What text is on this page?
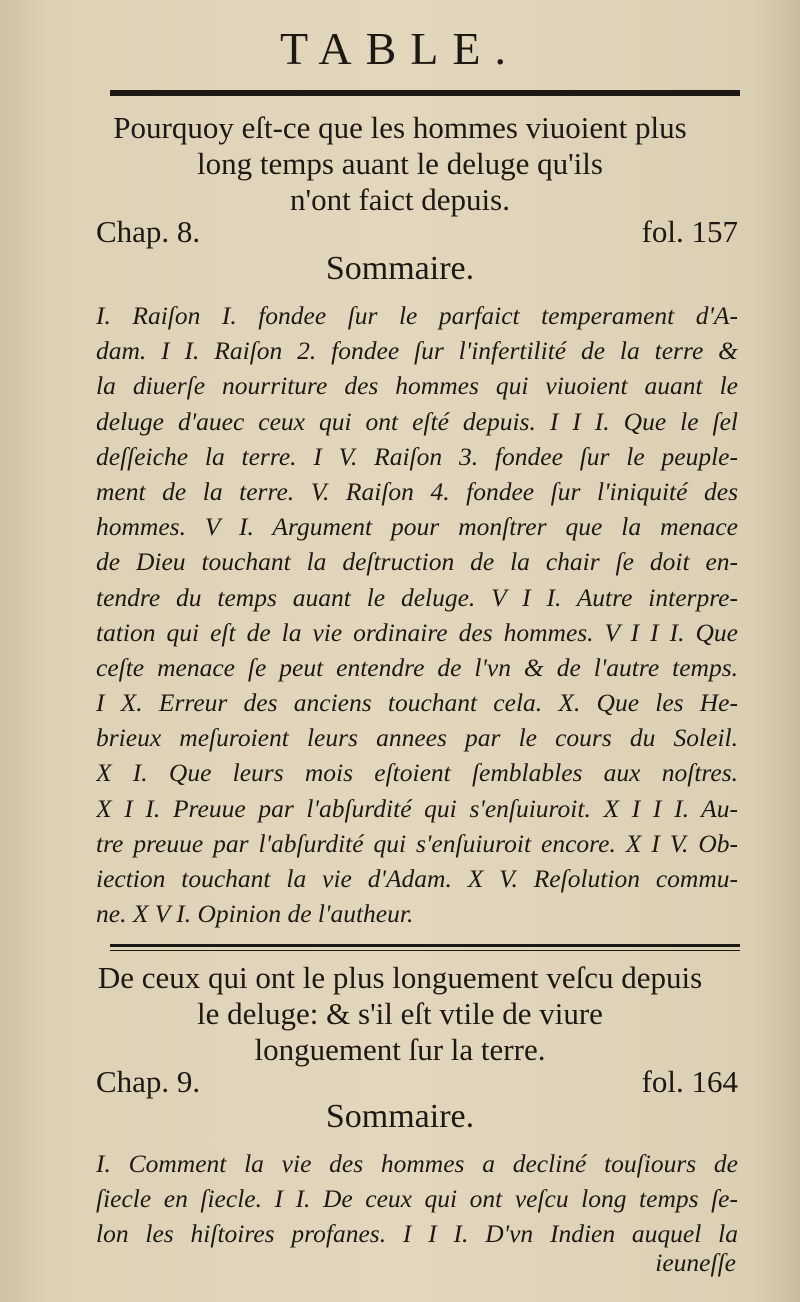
TABLE.
Pourquoy eſt-ce que les hommes viuoient plus
long temps auant le deluge qu'ils
n'ont faict depuis.
Chap. 8.	fol. 157
Sommaire.
I. Raiſon I. fondee ſur le parfaict temperament d'A-
dam. I I. Raiſon 2. fondee ſur l'infertilité de la terre &
la diuerſe nourriture des hommes qui viuoient auant le
deluge d'auec ceux qui ont eſté depuis. I I I. Que le ſel
deſſeiche la terre. I V. Raiſon 3. fondee ſur le peuple-
ment de la terre. V. Raiſon 4. fondee ſur l'iniquité des
hommes. V I. Argument pour monſtrer que la menace
de Dieu touchant la deſtruction de la chair ſe doit en-
tendre du temps auant le deluge. V I I. Autre interpre-
tation qui eſt de la vie ordinaire des hommes. V I I I. Que
ceſte menace ſe peut entendre de l'vn & de l'autre temps.
I X. Erreur des anciens touchant cela. X. Que les He-
brieux meſuroient leurs annees par le cours du Soleil.
X I. Que leurs mois eſtoient ſemblables aux noſtres.
X I I. Preuue par l'abſurdité qui s'enſuiuroit. X I I I. Au-
tre preuue par l'abſurdité qui s'enſuiuroit encore. X I V. Ob-
iection touchant la vie d'Adam. X V. Reſolution commu-
ne. X V I. Opinion de l'autheur.
De ceux qui ont le plus longuement veſcu depuis
le deluge: & s'il eſt vtile de viure
longuement ſur la terre.
Chap. 9.	fol. 164
Sommaire.
I. Comment la vie des hommes a decliné touſiours de
ſiecle en ſiecle. I I. De ceux qui ont veſcu long temps ſe-
lon les hiſtoires profanes. I I I. D'vn Indien auquel la
ieuneſſe
